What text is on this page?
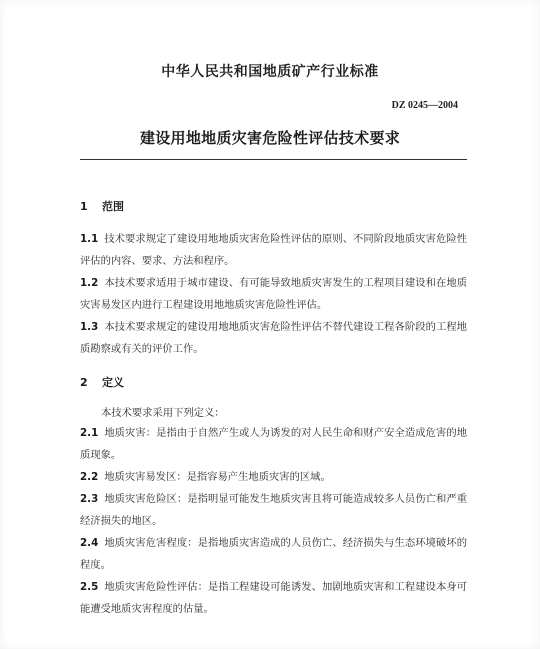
中华人民共和国地质矿产行业标准
DZ 0245—2004
建设用地地质灾害危险性评估技术要求
1 范围
1.1 技术要求规定了建设用地地质灾害危险性评估的原则、不同阶段地质灾害危险性评估的内容、要求、方法和程序。
1.2 本技术要求适用于城市建设、有可能导致地质灾害发生的工程项目建设和在地质灾害易发区内进行工程建设用地地质灾害危险性评估。
1.3 本技术要求规定的建设用地地质灾害危险性评估不替代建设工程各阶段的工程地质勘察或有关的评价工作。
2 定义
本技术要求采用下列定义：
2.1 地质灾害：是指由于自然产生或人为诱发的对人民生命和财产安全造成危害的地质现象。
2.2 地质灾害易发区：是指容易产生地质灾害的区域。
2.3 地质灾害危险区：是指明显可能发生地质灾害且将可能造成较多人员伤亡和严重经济损失的地区。
2.4 地质灾害危害程度：是指地质灾害造成的人员伤亡、经济损失与生态环境破坏的程度。
2.5 地质灾害危险性评估：是指工程建设可能诱发、加剧地质灾害和工程建设本身可能遭受地质灾害程度的估量。
